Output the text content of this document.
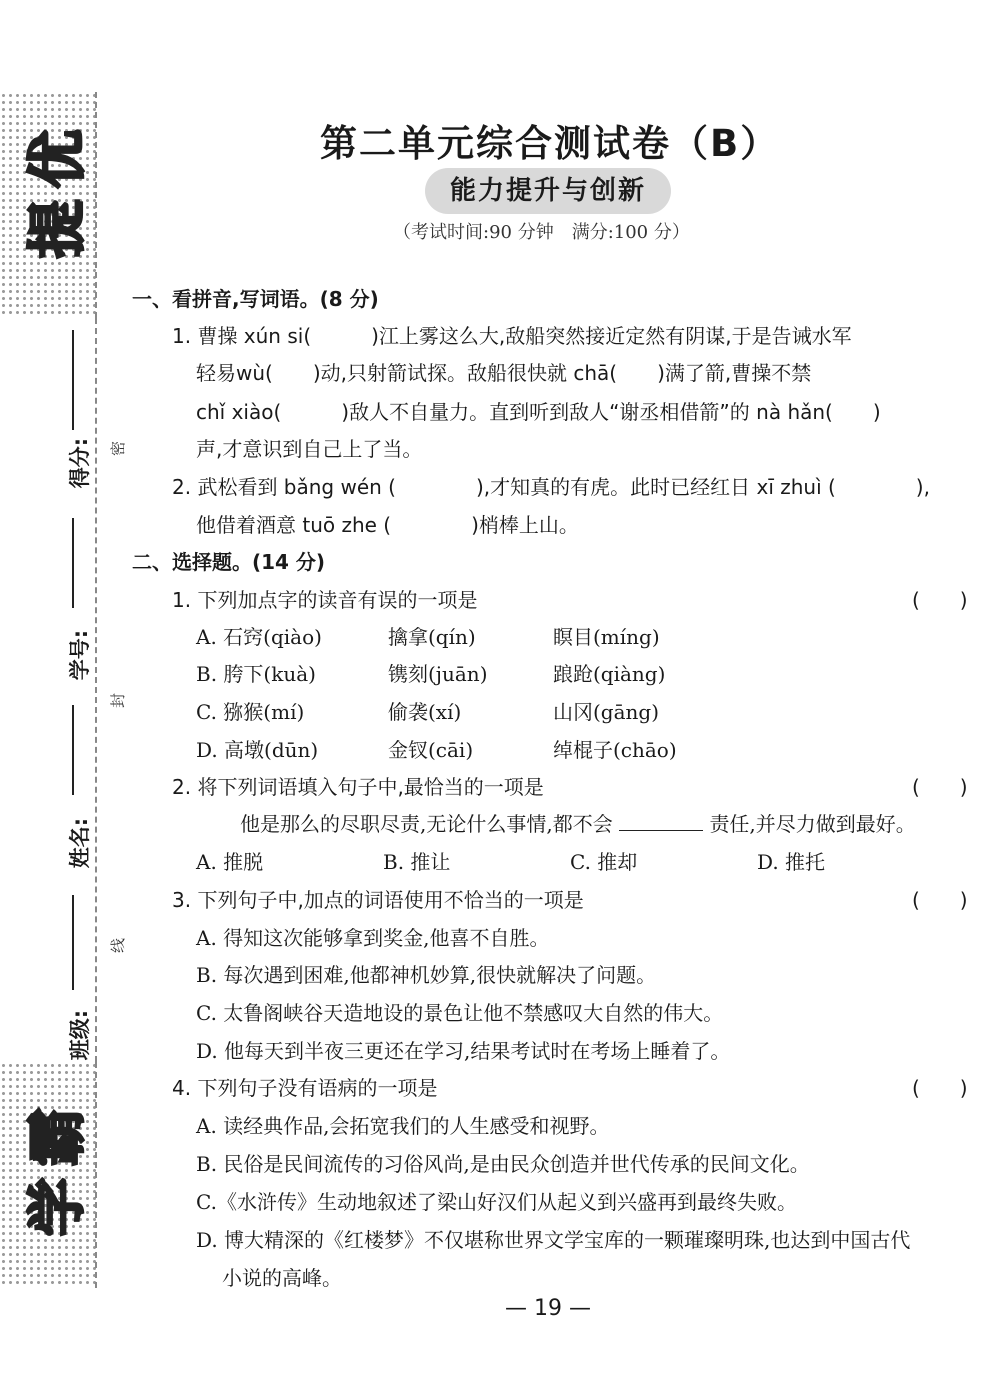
优
提
得分:
学号:
姓名:
班级:
密
封
线
霸
学
第二单元综合测试卷（B）
能力提升与创新
（考试时间:90 分钟　满分:100 分）
一、看拼音,写词语。(8 分)
1. 曹操 xún si(　　　)江上雾这么大,敌船突然接近定然有阴谋,于是告诫水军
轻易wù(　　)动,只射箭试探。敌船很快就 chā(　　)满了箭,曹操不禁
chǐ xiào(　　　)敌人不自量力。直到听到敌人“谢丞相借箭”的 nà hǎn(　　)
声,才意识到自己上了当。
2. 武松看到 bǎng wén (　　　　),才知真的有虎。此时已经红日 xī zhuì (　　　　),
他借着酒意 tuō zhe (　　　　)梢棒上山。
二、选择题。(14 分)
1. 下列加点字的读音有误的一项是	(　　)
A. 石窍(qiào)	擒拿(qín)	瞑目(míng)
B. 胯下(kuà)	镌刻(juān)	踉跄(qiàng)
C. 猕猴(mí)	偷袭(xí)	山冈(gāng)
D. 高墩(dūn)	金钗(cāi)	绰棍子(chāo)
2. 将下列词语填入句子中,最恰当的一项是	(　　)
他是那么的尽职尽责,无论什么事情,都不会	责任,并尽力做到最好。
A. 推脱	B. 推让	C. 推却	D. 推托
3. 下列句子中,加点的词语使用不恰当的一项是	(　　)
A. 得知这次能够拿到奖金,他喜不自胜。
B. 每次遇到困难,他都神机妙算,很快就解决了问题。
C. 太鲁阁峡谷天造地设的景色让他不禁感叹大自然的伟大。
D. 他每天到半夜三更还在学习,结果考试时在考场上睡着了。
4. 下列句子没有语病的一项是	(　　)
A. 读经典作品,会拓宽我们的人生感受和视野。
B. 民俗是民间流传的习俗风尚,是由民众创造并世代传承的民间文化。
C.《水浒传》生动地叙述了梁山好汉们从起义到兴盛再到最终失败。
D. 博大精深的《红楼梦》不仅堪称世界文学宝库的一颗璀璨明珠,也达到中国古代
小说的高峰。
— 19 —
